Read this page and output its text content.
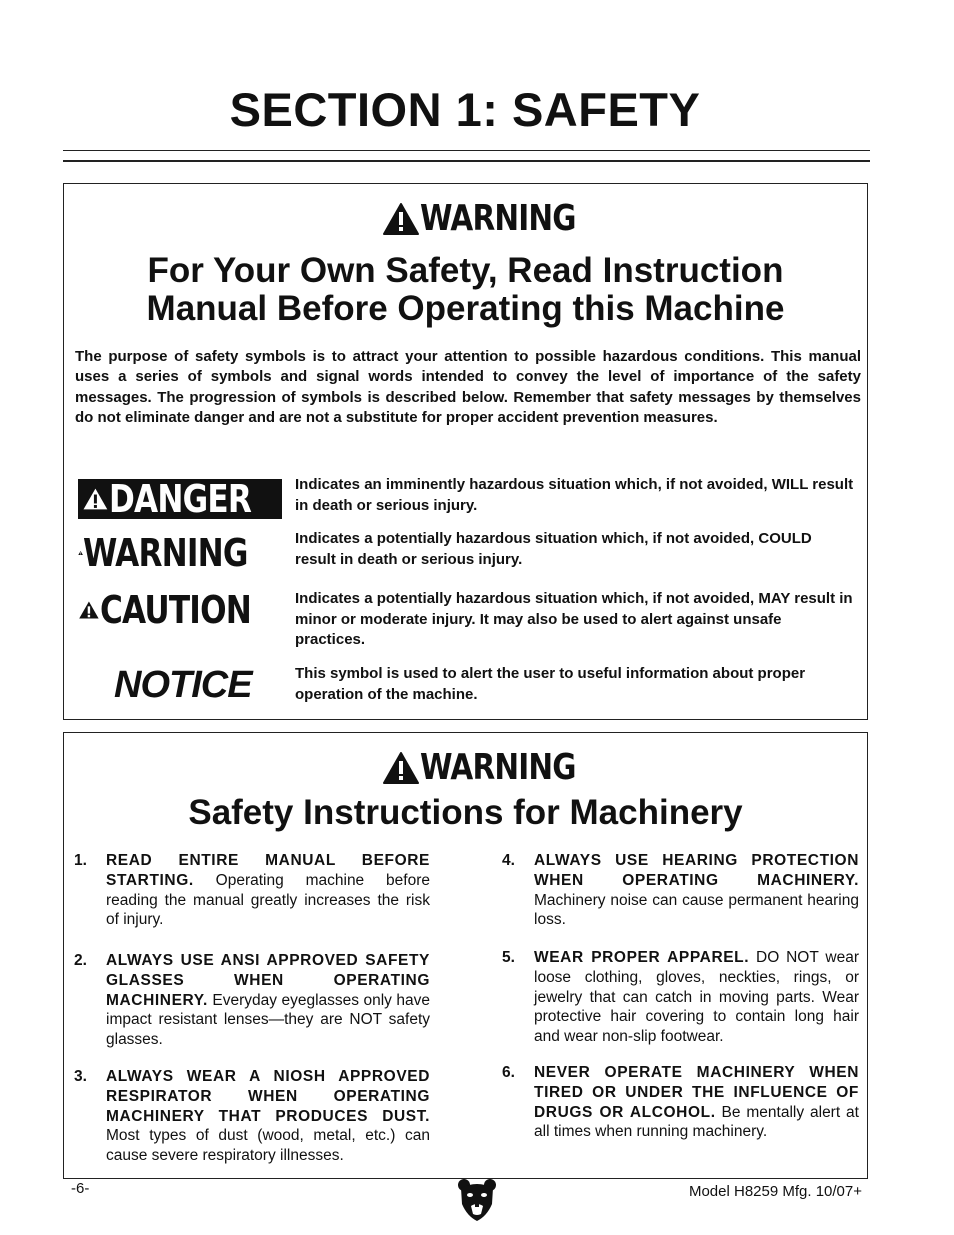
SECTION 1: SAFETY
WARNING

For Your Own Safety, Read Instruction
Manual Before Operating this Machine

The purpose of safety symbols is to attract your attention to possible hazardous conditions. This manual uses a series of symbols and signal words intended to convey the level of importance of the safety messages. The progression of symbols is described below. Remember that safety messages by themselves do not eliminate danger and are not a substitute for proper accident prevention measures.

DANGER	Indicates an imminently hazardous situation which, if not avoided, WILL result in death or serious injury.

WARNING	Indicates a potentially hazardous situation which, if not avoided, COULD result in death or serious injury.

CAUTION	Indicates a potentially hazardous situation which, if not avoided, MAY result in minor or moderate injury. It may also be used to alert against unsafe practices.

NOTICE	This symbol is used to alert the user to useful information about proper operation of the machine.

WARNING

Safety Instructions for Machinery

1. READ ENTIRE MANUAL BEFORE STARTING. Operating machine before reading the manual greatly increases the risk of injury.
2. ALWAYS USE ANSI APPROVED SAFETY GLASSES WHEN OPERATING MACHINERY. Everyday eyeglasses only have impact resistant lenses—they are NOT safety glasses.
3. ALWAYS WEAR A NIOSH APPROVED RESPIRATOR WHEN OPERATING MACHINERY THAT PRODUCES DUST. Most types of dust (wood, metal, etc.) can cause severe respiratory illnesses.
4. ALWAYS USE HEARING PROTECTION WHEN OPERATING MACHINERY. Machinery noise can cause permanent hearing loss.
5. WEAR PROPER APPAREL. DO NOT wear loose clothing, gloves, neckties, rings, or jewelry that can catch in moving parts. Wear protective hair covering to contain long hair and wear non-slip footwear.
6. NEVER OPERATE MACHINERY WHEN TIRED OR UNDER THE INFLUENCE OF DRUGS OR ALCOHOL. Be mentally alert at all times when running machinery.
-6-	Model H8259 Mfg. 10/07+
